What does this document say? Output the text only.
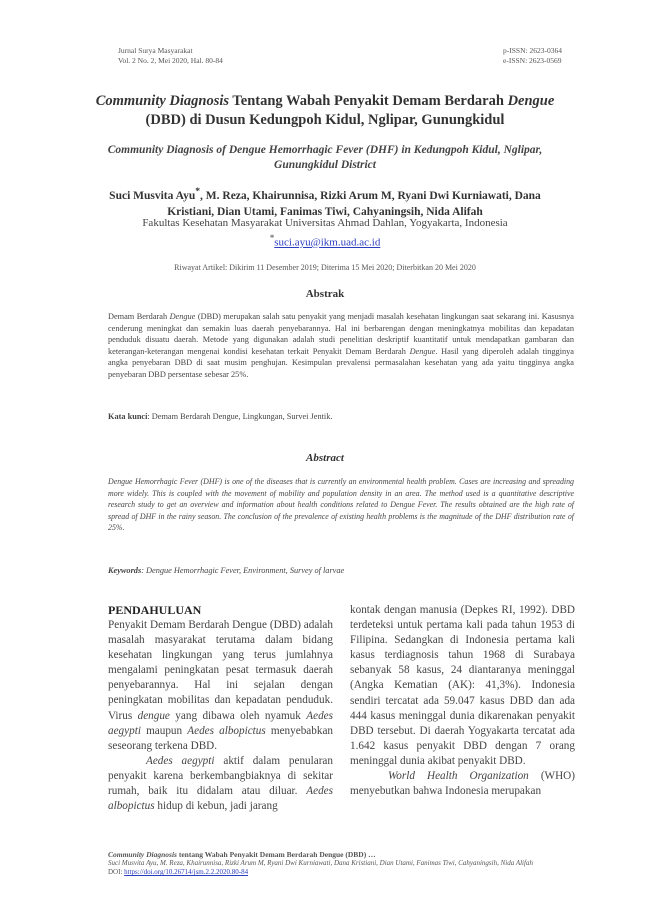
Jurnal Surya Masyarakat
Vol. 2 No. 2, Mei 2020, Hal. 80-84
p-ISSN: 2623-0364
e-ISSN: 2623-0569
Community Diagnosis Tentang Wabah Penyakit Demam Berdarah Dengue (DBD) di Dusun Kedungpoh Kidul, Nglipar, Gunungkidul
Community Diagnosis of Dengue Hemorrhagic Fever (DHF) in Kedungpoh Kidul, Nglipar, Gunungkidul District
Suci Musvita Ayu*, M. Reza, Khairunnisa, Rizki Arum M, Ryani Dwi Kurniawati, Dana Kristiani, Dian Utami, Fanimas Tiwi, Cahyaningsih, Nida Alifah
Fakultas Kesehatan Masyarakat Universitas Ahmad Dahlan, Yogyakarta, Indonesia
*suci.ayu@ikm.uad.ac.id
Riwayat Artikel: Dikirim 11 Desember 2019; Diterima 15 Mei 2020; Diterbitkan 20 Mei 2020
Abstrak
Demam Berdarah Dengue (DBD) merupakan salah satu penyakit yang menjadi masalah kesehatan lingkungan saat sekarang ini. Kasusnya cenderung meningkat dan semakin luas daerah penyebarannya. Hal ini berbarengan dengan meningkatnya mobilitas dan kepadatan penduduk disuatu daerah. Metode yang digunakan adalah studi penelitian deskriptif kuantitatif untuk mendapatkan gambaran dan keterangan-keterangan mengenai kondisi kesehatan terkait Penyakit Demam Berdarah Dengue. Hasil yang diperoleh adalah tingginya angka penyebaran DBD di saat musim penghujan. Kesimpulan prevalensi permasalahan kesehatan yang ada yaitu tingginya angka penyebaran DBD persentase sebesar 25%.
Kata kunci: Demam Berdarah Dengue, Lingkungan, Survei Jentik.
Abstract
Dengue Hemorrhagic Fever (DHF) is one of the diseases that is currently an environmental health problem. Cases are increasing and spreading more widely. This is coupled with the movement of mobility and population density in an area. The method used is a quantitative descriptive research study to get an overview and information about health conditions related to Dengue Fever. The results obtained are the high rate of spread of DHF in the rainy season. The conclusion of the prevalence of existing health problems is the magnitude of the DHF distribution rate of 25%.
Keywords: Dengue Hemorrhagic Fever, Environment, Survey of larvae

PENDAHULUAN

Penyakit Demam Berdarah Dengue (DBD) adalah masalah masyarakat terutama dalam bidang kesehatan lingkungan yang terus jumlahnya mengalami peningkatan pesat termasuk daerah penyebarannya. Hal ini sejalan dengan peningkatan mobilitas dan kepadatan penduduk. Virus dengue yang dibawa oleh nyamuk Aedes aegypti maupun Aedes albopictus menyebabkan seseorang terkena DBD.

Aedes aegypti aktif dalam penularan penyakit karena berkembangbiaknya di sekitar rumah, baik itu didalam atau diluar. Aedes albopictus hidup di kebun, jadi jarang

kontak dengan manusia (Depkes RI, 1992). DBD terdeteksi untuk pertama kali pada tahun 1953 di Filipina. Sedangkan di Indonesia pertama kali kasus terdiagnosis tahun 1968 di Surabaya sebanyak 58 kasus, 24 diantaranya meninggal (Angka Kematian (AK): 41,3%). Indonesia sendiri tercatat ada 59.047 kasus DBD dan ada 444 kasus meninggal dunia dikarenakan penyakit DBD tersebut. Di daerah Yogyakarta tercatat ada 1.642 kasus penyakit DBD dengan 7 orang meninggal dunia akibat penyakit DBD.

World Health Organization (WHO) menyebutkan bahwa Indonesia merupakan

Community Diagnosis tentang Wabah Penyakit Demam Berdarah Dengue (DBD) …
Suci Musvita Ayu, M. Reza, Khairunnisa, Rizki Arum M, Ryani Dwi Kurniawati, Dana Kristiani, Dian Utami, Fanimas Tiwi, Cahyaningsih, Nida Alifah
DOI: https://doi.org/10.26714/jsm.2.2.2020.80-84
